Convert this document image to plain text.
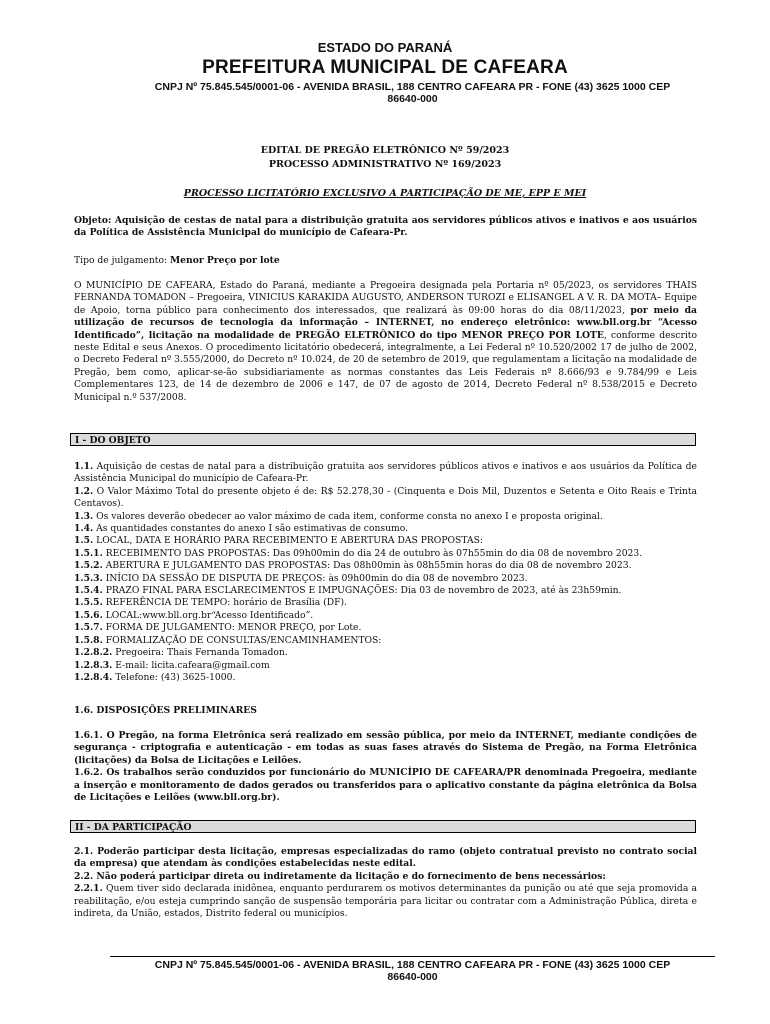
ESTADO DO PARANÁ
PREFEITURA MUNICIPAL DE CAFEARA
CNPJ Nº 75.845.545/0001-06 - AVENIDA BRASIL, 188 CENTRO CAFEARA PR - FONE (43) 3625 1000 CEP
86640-000
EDITAL DE PREGÃO ELETRÔNICO Nº 59/2023
PROCESSO ADMINISTRATIVO Nº 169/2023
PROCESSO LICITATÓRIO EXCLUSIVO A PARTICIPAÇÃO DE ME, EPP E MEI
Objeto: Aquisição de cestas de natal para a distribuição gratuita aos servidores públicos ativos e inativos e aos usuários da Política de Assistência Municipal do município de Cafeara-Pr.
Tipo de julgamento: Menor Preço por lote
O MUNICÍPIO DE CAFEARA, Estado do Paraná, mediante a Pregoeira designada pela Portaria nº 05/2023, os servidores THAIS FERNANDA TOMADON – Pregoeira, VINICIUS KARAKIDA AUGUSTO, ANDERSON TUROZI e ELISANGEL A V. R. DA MOTA– Equipe de Apoio, torna público para conhecimento dos interessados, que realizará às 09:00 horas do dia 08/11/2023, por meio da utilização de recursos de tecnologia da informação – INTERNET, no endereço eletrônico: www.bll.org.br “Acesso Identificado”, licitação na modalidade de PREGÃO ELETRÔNICO do tipo MENOR PREÇO POR LOTE, conforme descrito neste Edital e seus Anexos. O procedimento licitatório obedecerá, integralmente, a Lei Federal nº 10.520/2002 17 de julho de 2002, o Decreto Federal nº 3.555/2000, do Decreto nº 10.024, de 20 de setembro de 2019, que regulamentam a licitação na modalidade de Pregão, bem como, aplicar-se-ão subsidiariamente as normas constantes das Leis Federais nº 8.666/93 e 9.784/99 e Leis Complementares 123, de 14 de dezembro de 2006 e 147, de 07 de agosto de 2014, Decreto Federal nº 8.538/2015 e Decreto Municipal n.º 537/2008.
I - DO OBJETO
1.1. Aquisição de cestas de natal para a distribuição gratuita aos servidores públicos ativos e inativos e aos usuários da Política de Assistência Municipal do município de Cafeara-Pr.
1.2. O Valor Máximo Total do presente objeto é de: R$ 52.278,30 - (Cinquenta e Dois Mil, Duzentos e Setenta e Oito Reais e Trinta Centavos).
1.3. Os valores deverão obedecer ao valor máximo de cada item, conforme consta no anexo I e proposta original.
1.4. As quantidades constantes do anexo I são estimativas de consumo.
1.5. LOCAL, DATA E HORÁRIO PARA RECEBIMENTO E ABERTURA DAS PROPOSTAS:
1.5.1. RECEBIMENTO DAS PROPOSTAS: Das 09h00min do dia 24 de outubro às 07h55min do dia 08 de novembro 2023.
1.5.2. ABERTURA E JULGAMENTO DAS PROPOSTAS: Das 08h00min às 08h55min horas do dia 08 de novembro 2023.
1.5.3. INÍCIO DA SESSÃO DE DISPUTA DE PREÇOS: às 09h00min do dia 08 de novembro 2023.
1.5.4. PRAZO FINAL PARA ESCLARECIMENTOS E IMPUGNAÇÕES: Dia 03 de novembro de 2023, até às 23h59min.
1.5.5. REFERÊNCIA DE TEMPO: horário de Brasília (DF).
1.5.6. LOCAL:www.bll.org.br“Acesso Identificado”.
1.5.7. FORMA DE JULGAMENTO: MENOR PREÇO, por Lote.
1.5.8. FORMALIZAÇÃO DE CONSULTAS/ENCAMINHAMENTOS:
1.2.8.2. Pregoeira: Thais Fernanda Tomadon.
1.2.8.3. E-mail: licita.cafeara@gmail.com
1.2.8.4. Telefone: (43) 3625-1000.
1.6. DISPOSIÇÕES PRELIMINARES
1.6.1. O Pregão, na forma Eletrônica será realizado em sessão pública, por meio da INTERNET, mediante condições de segurança - criptografia e autenticação - em todas as suas fases através do Sistema de Pregão, na Forma Eletrônica (licitações) da Bolsa de Licitações e Leilões.
1.6.2. Os trabalhos serão conduzidos por funcionário do MUNICÍPIO DE CAFEARA/PR denominada Pregoeira, mediante a inserção e monitoramento de dados gerados ou transferidos para o aplicativo constante da página eletrônica da Bolsa de Licitações e Leilões (www.bll.org.br).
II - DA PARTICIPAÇÃO
2.1. Poderão participar desta licitação, empresas especializadas do ramo (objeto contratual previsto no contrato social da empresa) que atendam às condições estabelecidas neste edital.
2.2. Não poderá participar direta ou indiretamente da licitação e do fornecimento de bens necessários:
2.2.1. Quem tiver sido declarada inidônea, enquanto perdurarem os motivos determinantes da punição ou até que seja promovida a reabilitação, e/ou esteja cumprindo sanção de suspensão temporária para licitar ou contratar com a Administração Pública, direta e indireta, da União, estados, Distrito federal ou municípios.
CNPJ Nº 75.845.545/0001-06 - AVENIDA BRASIL, 188 CENTRO CAFEARA PR - FONE (43) 3625 1000 CEP
86640-000
